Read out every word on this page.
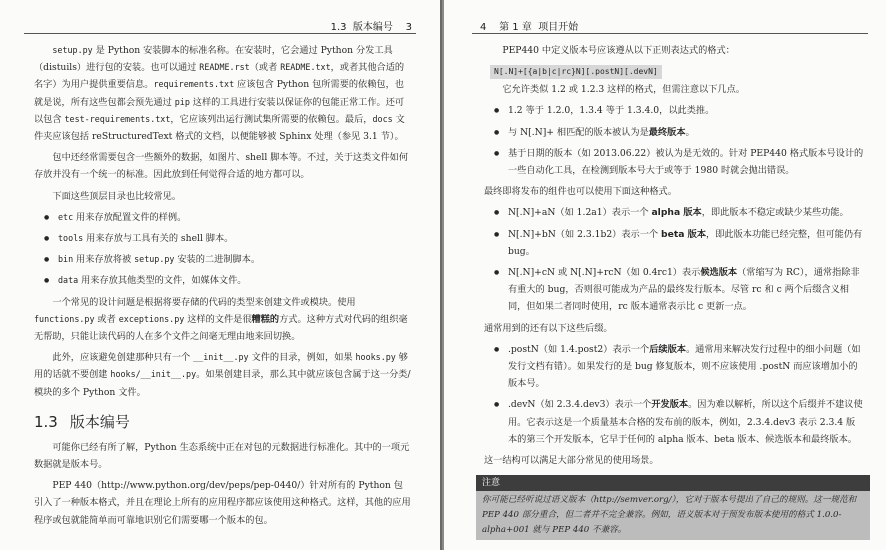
1.3 版本编号 3

setup.py 是 Python 安装脚本的标准名称。在安装时，它会通过 Python 分发工具（distuils）进行包的安装。也可以通过 README.rst（或者 README.txt，或者其他合适的名字）为用户提供重要信息。requirements.txt 应该包含 Python 包所需要的依赖包，也就是说，所有这些包都会预先通过 pip 这样的工具进行安装以保证你的包能正常工作。还可以包含 test-requirements.txt，它应该列出运行测试集所需要的依赖包。最后，docs 文件夹应该包括 reStructuredText 格式的文档，以便能够被 Sphinx 处理（参见 3.1 节）。

包中还经常需要包含一些额外的数据，如图片、shell 脚本等。不过，关于这类文件如何存放并没有一个统一的标准。因此放到任何觉得合适的地方都可以。

下面这些顶层目录也比较常见。

● etc 用来存放配置文件的样例。
● tools 用来存放与工具有关的 shell 脚本。
● bin 用来存放将被 setup.py 安装的二进制脚本。
● data 用来存放其他类型的文件，如媒体文件。

一个常见的设计问题是根据将要存储的代码的类型来创建文件或模块。使用 functions.py 或者 exceptions.py 这样的文件是很糟糕的方式。这种方式对代码的组织毫无帮助，只能让读代码的人在多个文件之间毫无理由地来回切换。

此外，应该避免创建那种只有一个 __init__.py 文件的目录，例如，如果 hooks.py 够用的话就不要创建 hooks/__init__.py。如果创建目录，那么其中就应该包含属于这一分类/模块的多个 Python 文件。

1.3 版本编号

可能你已经有所了解，Python 生态系统中正在对包的元数据进行标准化。其中的一项元数据就是版本号。

PEP 440（http://www.python.org/dev/peps/pep-0440/）针对所有的 Python 包引入了一种版本格式，并且在理论上所有的应用程序都应该使用这种格式。这样，其他的应用程序或包就能简单而可靠地识别它们需要哪一个版本的包。

4 第 1 章 项目开始

PEP440 中定义版本号应该遵从以下正则表达式的格式：

N[.N]+[{a|b|c|rc}N][.postN][.devN]

它允许类似 1.2 或 1.2.3 这样的格式，但需注意以下几点。

● 1.2 等于 1.2.0，1.3.4 等于 1.3.4.0，以此类推。
● 与 N[.N]+ 相匹配的版本被认为是最终版本。
● 基于日期的版本（如 2013.06.22）被认为是无效的。针对 PEP440 格式版本号设计的一些自动化工具，在检测到版本号大于或等于 1980 时就会抛出错误。

最终即将发布的组件也可以使用下面这种格式。

● N[.N]+aN（如 1.2a1）表示一个 alpha 版本，即此版本不稳定或缺少某些功能。
● N[.N]+bN（如 2.3.1b2）表示一个 beta 版本，即此版本功能已经完整，但可能仍有 bug。
● N[.N]+cN 或 N[.N]+rcN（如 0.4rc1）表示候选版本（常缩写为 RC），通常指除非有重大的 bug，否则很可能成为产品的最终发行版本。尽管 rc 和 c 两个后缀含义相同，但如果二者同时使用，rc 版本通常表示比 c 更新一点。

通常用到的还有以下这些后缀。

● .postN（如 1.4.post2）表示一个后续版本。通常用来解决发行过程中的细小问题（如发行文档有错）。如果发行的是 bug 修复版本，则不应该使用 .postN 而应该增加小的版本号。
● .devN（如 2.3.4.dev3）表示一个开发版本。因为难以解析，所以这个后缀并不建议使用。它表示这是一个质量基本合格的发布前的版本，例如，2.3.4.dev3 表示 2.3.4 版本的第三个开发版本，它早于任何的 alpha 版本、beta 版本、候选版本和最终版本。

这一结构可以满足大部分常见的使用场景。

注意
你可能已经听说过语义版本（http://semver.org/），它对于版本号提出了自己的规则。这一规范和 PEP 440 部分重合，但二者并不完全兼容。例如，语义版本对于预发布版本使用的格式 1.0.0-alpha+001 就与 PEP 440 不兼容。
